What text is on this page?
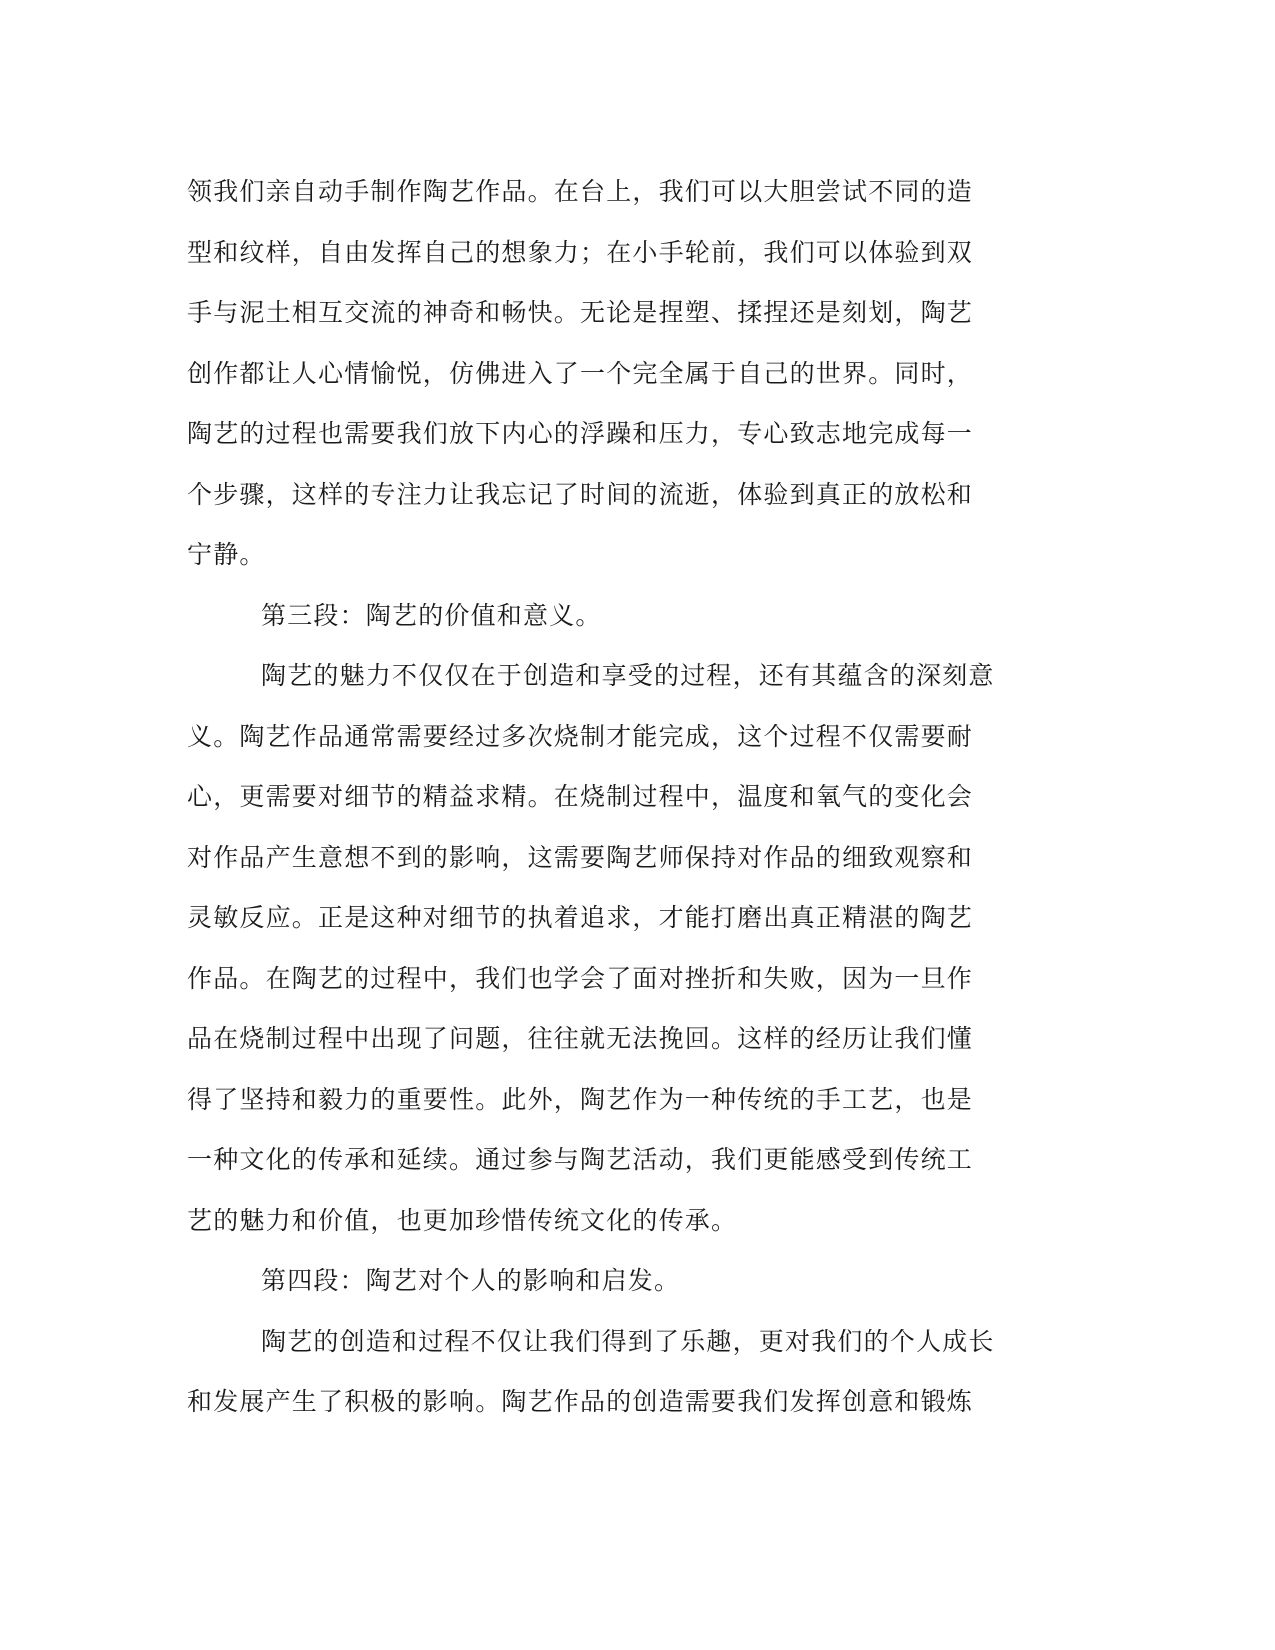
领我们亲自动手制作陶艺作品。在台上，我们可以大胆尝试不同的造
型和纹样，自由发挥自己的想象力；在小手轮前，我们可以体验到双
手与泥土相互交流的神奇和畅快。无论是捏塑、揉捏还是刻划，陶艺
创作都让人心情愉悦，仿佛进入了一个完全属于自己的世界。同时，
陶艺的过程也需要我们放下内心的浮躁和压力，专心致志地完成每一
个步骤，这样的专注力让我忘记了时间的流逝，体验到真正的放松和
宁静。
第三段：陶艺的价值和意义。
陶艺的魅力不仅仅在于创造和享受的过程，还有其蕴含的深刻意
义。陶艺作品通常需要经过多次烧制才能完成，这个过程不仅需要耐
心，更需要对细节的精益求精。在烧制过程中，温度和氧气的变化会
对作品产生意想不到的影响，这需要陶艺师保持对作品的细致观察和
灵敏反应。正是这种对细节的执着追求，才能打磨出真正精湛的陶艺
作品。在陶艺的过程中，我们也学会了面对挫折和失败，因为一旦作
品在烧制过程中出现了问题，往往就无法挽回。这样的经历让我们懂
得了坚持和毅力的重要性。此外，陶艺作为一种传统的手工艺，也是
一种文化的传承和延续。通过参与陶艺活动，我们更能感受到传统工
艺的魅力和价值，也更加珍惜传统文化的传承。
第四段：陶艺对个人的影响和启发。
陶艺的创造和过程不仅让我们得到了乐趣，更对我们的个人成长
和发展产生了积极的影响。陶艺作品的创造需要我们发挥创意和锻炼
